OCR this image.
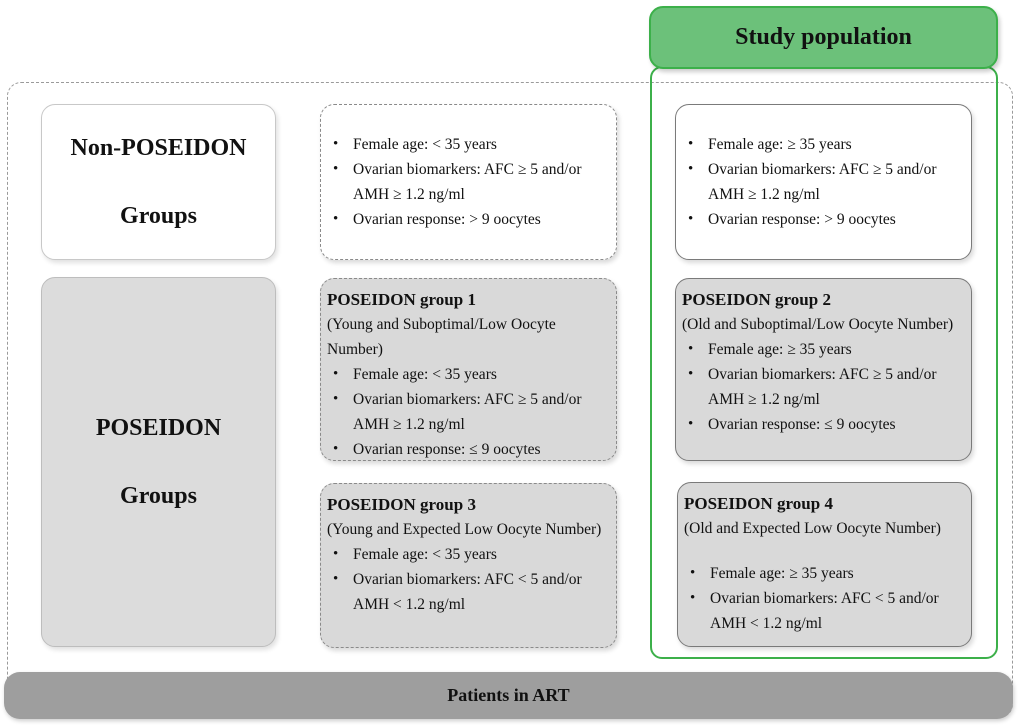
Study population
Non-POSEIDON
Groups
• Female age: < 35 years
• Ovarian biomarkers: AFC ≥ 5 and/or AMH ≥ 1.2 ng/ml
• Ovarian response: > 9 oocytes
• Female age: ≥ 35 years
• Ovarian biomarkers: AFC ≥ 5 and/or AMH ≥ 1.2 ng/ml
• Ovarian response: > 9 oocytes
POSEIDON
Groups
POSEIDON group 1
(Young and Suboptimal/Low Oocyte Number)
• Female age: < 35 years
• Ovarian biomarkers: AFC ≥ 5 and/or AMH ≥ 1.2 ng/ml
• Ovarian response: ≤ 9 oocytes
POSEIDON group 2
(Old and Suboptimal/Low Oocyte Number)
• Female age: ≥ 35 years
• Ovarian biomarkers: AFC ≥ 5 and/or AMH ≥ 1.2 ng/ml
• Ovarian response: ≤ 9 oocytes
POSEIDON group 3
(Young and Expected Low Oocyte Number)
• Female age: < 35 years
• Ovarian biomarkers: AFC < 5 and/or AMH < 1.2 ng/ml
POSEIDON group 4
(Old and Expected Low Oocyte Number)
• Female age: ≥ 35 years
• Ovarian biomarkers: AFC < 5 and/or AMH < 1.2 ng/ml
Patients in ART
